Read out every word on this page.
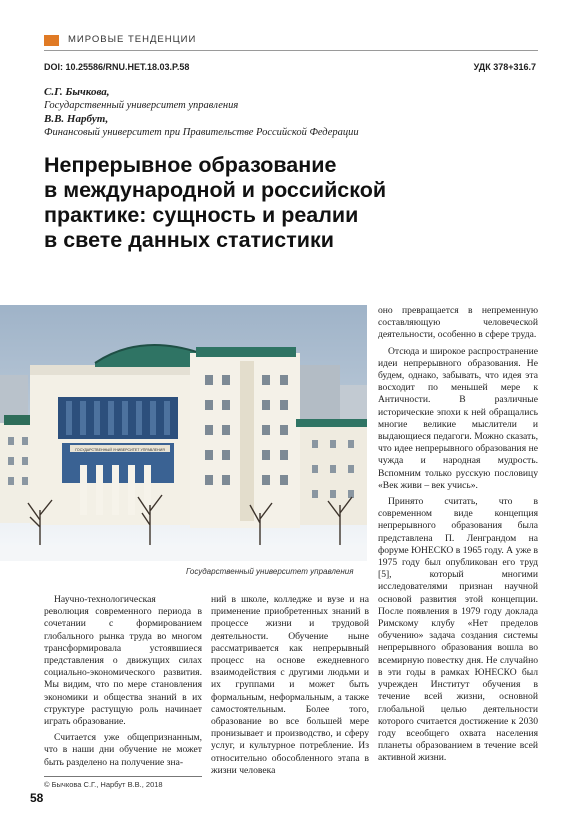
МИРОВЫЕ ТЕНДЕНЦИИ
DOI: 10.25586/RNU.HET.18.03.P.58	УДК 378+316.7
С.Г. Бычкова,
Государственный университет управления
В.В. Нарбут,
Финансовый университет при Правительстве Российской Федерации
Непрерывное образование
в международной и российской
практике: сущность и реалии
в свете данных статистики
ГОСУДАРСТВЕННЫЙ УНИВЕРСИТЕТ УПРАВЛЕНИЯ
Государственный университет управления

Научно-технологическая революция современного периода в сочетании с формированием глобального рынка труда во многом трансформировала устоявшиеся представления о движущих силах социально-экономического развития. Мы видим, что по мере становления экономики и общества знаний в их структуре растущую роль начинает играть образование.

Считается уже общепризнанным, что в наши дни обучение не может быть разделено на получение зна-

ний в школе, колледже и вузе и на применение приобретенных знаний в процессе жизни и трудовой деятельности. Обучение ныне рассматривается как непрерывный процесс на основе ежедневного взаимодействия с другими людьми и их группами и может быть формальным, неформальным, а также самостоятельным. Более того, образование во все большей мере пронизывает и производство, и сферу услуг, и культурное потребление. Из относительно обособленного этапа в жизни человека

оно превращается в непременную составляющую человеческой деятельности, особенно в сфере труда.

Отсюда и широкое распространение идеи непрерывного образования. Не будем, однако, забывать, что идея эта восходит по меньшей мере к Античности. В различные исторические эпохи к ней обращались многие великие мыслители и выдающиеся педагоги. Можно сказать, что идее непрерывного образования не чужда и народная мудрость. Вспомним только русскую пословицу «Век живи – век учись».

Принято считать, что в современном виде концепция непрерывного образования была представлена П. Ленграндом на форуме ЮНЕСКО в 1965 году. А уже в 1975 году был опубликован его труд [5], который многими исследователями признан научной основой развития этой концепции. После появления в 1979 году доклада Римскому клубу «Нет пределов обучению» задача создания системы непрерывного образования вошла во всемирную повестку дня. Не случайно в эти годы в рамках ЮНЕСКО был учрежден Институт обучения в течение всей жизни, основной глобальной целью деятельности которого считается достижение к 2030 году всеобщего охвата населения планеты образованием в течение всей активной жизни.

© Бычкова С.Г., Нарбут В.В., 2018
58
